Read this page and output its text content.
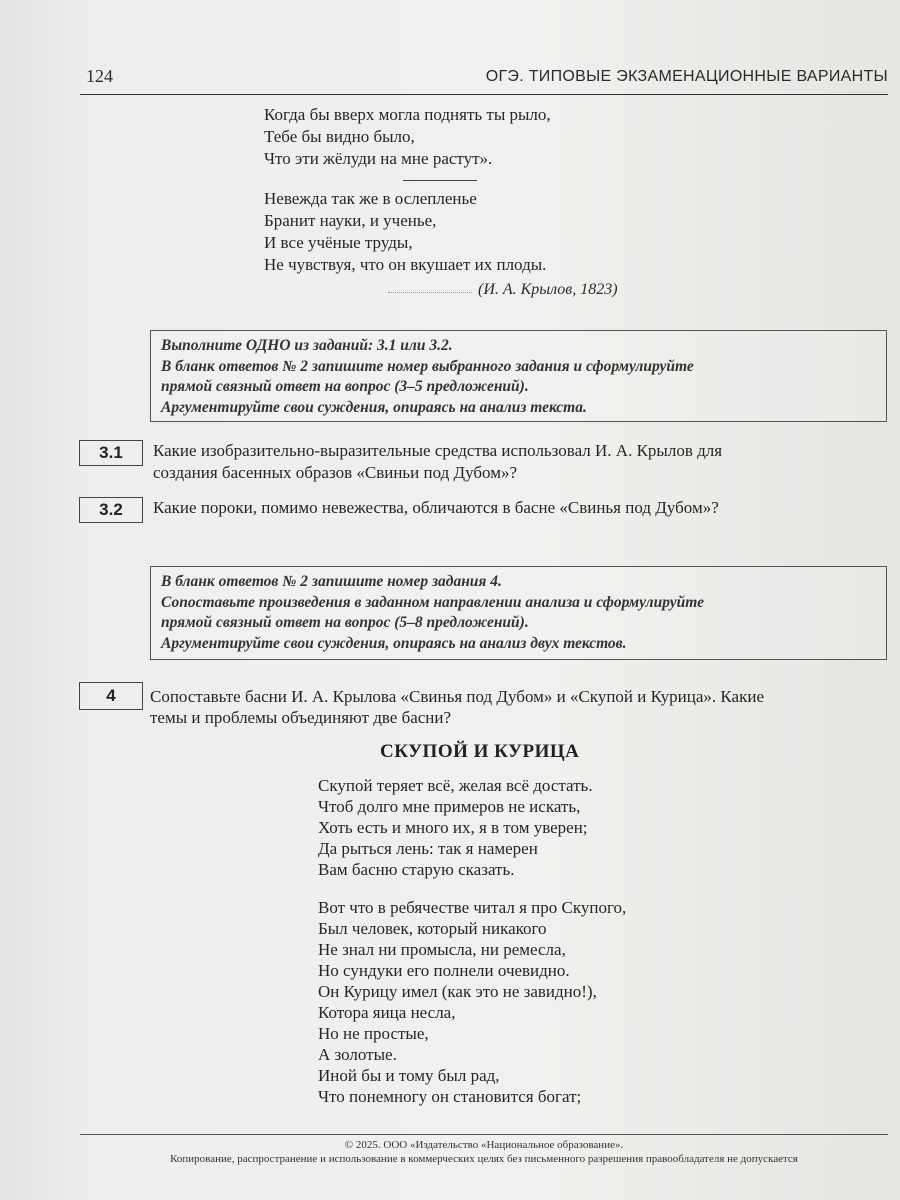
124	ОГЭ. ТИПОВЫЕ ЭКЗАМЕНАЦИОННЫЕ ВАРИАНТЫ
Когда бы вверх могла поднять ты рыло,
Тебе бы видно было,
Что эти жёлуди на мне растут».
Невежда так же в ослепленье
Бранит науки, и ученье,
И все учёные труды,
Не чувствуя, что он вкушает их плоды.
(И. А. Крылов, 1823)
Выполните ОДНО из заданий: 3.1 или 3.2.
В бланк ответов № 2 запишите номер выбранного задания и сформулируйте
прямой связный ответ на вопрос (3–5 предложений).
Аргументируйте свои суждения, опираясь на анализ текста.
3.1	Какие изобразительно-выразительные средства использовал И. А. Крылов для
создания басенных образов «Свиньи под Дубом»?
3.2	Какие пороки, помимо невежества, обличаются в басне «Свинья под Дубом»?
В бланк ответов № 2 запишите номер задания 4.
Сопоставьте произведения в заданном направлении анализа и сформулируйте
прямой связный ответ на вопрос (5–8 предложений).
Аргументируйте свои суждения, опираясь на анализ двух текстов.
4	Сопоставьте басни И. А. Крылова «Свинья под Дубом» и «Скупой и Курица». Какие
темы и проблемы объединяют две басни?
СКУПОЙ И КУРИЦА
Скупой теряет всё, желая всё достать.
Чтоб долго мне примеров не искать,
Хоть есть и много их, я в том уверен;
Да рыться лень: так я намерен
Вам басню старую сказать.
Вот что в ребячестве читал я про Скупого,
Был человек, который никакого
Не знал ни промысла, ни ремесла,
Но сундуки его полнели очевидно.
Он Курицу имел (как это не завидно!),
Котора яица несла,
Но не простые,
А золотые.
Иной бы и тому был рад,
Что понемногу он становится богат;
© 2025. ООО «Издательство «Национальное образование».
Копирование, распространение и использование в коммерческих целях без письменного разрешения правообладателя не допускается
